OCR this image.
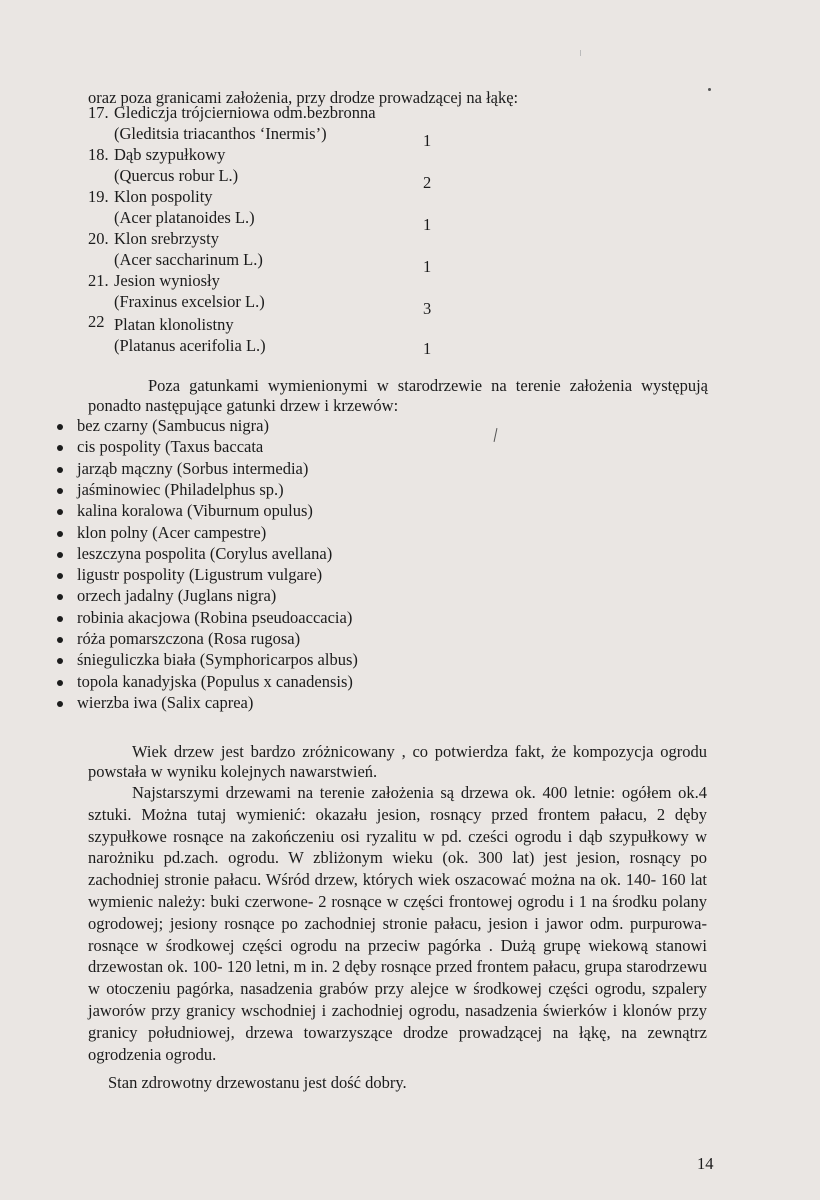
oraz poza granicami założenia, przy drodze prowadzącej na łąkę:
17. Glediczja trójcierniowa odm.bezbronna
(Gleditsia triacanthos ‘Inermis’)	1
18. Dąb szypułkowy
(Quercus robur L.)	2
19. Klon pospolity
(Acer platanoides L.)	1
20. Klon srebrzysty
(Acer saccharinum L.)	1
21. Jesion wyniosły
(Fraxinus excelsior L.)	3
22 Platan klonolistny
(Platanus acerifolia L.)	1
Poza gatunkami wymienionymi w starodrzewie na terenie założenia występują
ponadto następujące gatunki drzew i krzewów:
bez czarny (Sambucus nigra)
cis pospolity (Taxus baccata
jarząb mączny (Sorbus intermedia)
jaśminowiec (Philadelphus sp.)
kalina koralowa (Viburnum opulus)
klon polny (Acer campestre)
leszczyna pospolita (Corylus avellana)
ligustr pospolity (Ligustrum vulgare)
orzech jadalny (Juglans nigra)
robinia akacjowa (Robina pseudoaccacia)
róża pomarszczona (Rosa rugosa)
śnieguliczka biała (Symphoricarpos albus)
topola kanadyjska (Populus x canadensis)
wierzba iwa (Salix caprea)
Wiek drzew jest bardzo zróżnicowany , co potwierdza fakt, że kompozycja ogrodu
powstała w wyniku kolejnych nawarstwień.
Najstarszymi drzewami na terenie założenia są drzewa ok. 400 letnie: ogółem ok.4
sztuki. Można tutaj wymienić: okazału jesion, rosnący przed frontem pałacu, 2 dęby
szypułkowe rosnące na zakończeniu osi ryzalitu w pd. cześci ogrodu i dąb szypułkowy w
narożniku pd.zach. ogrodu. W zbliżonym wieku (ok. 300 lat) jest jesion, rosnący po
zachodniej stronie pałacu. Wśród drzew, których wiek oszacować można na ok. 140- 160 lat
wymienic należy: buki czerwone- 2 rosnące w części frontowej ogrodu i 1 na środku polany
ogrodowej; jesiony rosnące po zachodniej stronie pałacu, jesion i jawor odm. purpurowa-
rosnące w środkowej części ogrodu na przeciw pagórka . Dużą grupę wiekową stanowi
drzewostan ok. 100- 120 letni, m in. 2 dęby rosnące przed frontem pałacu, grupa starodrzewu
w otoczeniu pagórka, nasadzenia grabów przy alejce w środkowej części ogrodu, szpalery
jaworów przy granicy wschodniej i zachodniej ogrodu, nasadzenia świerków i klonów przy
granicy południowej, drzewa towarzyszące drodze prowadzącej na łąkę, na zewnątrz
ogrodzenia ogrodu.
Stan zdrowotny drzewostanu jest dość dobry.
14
